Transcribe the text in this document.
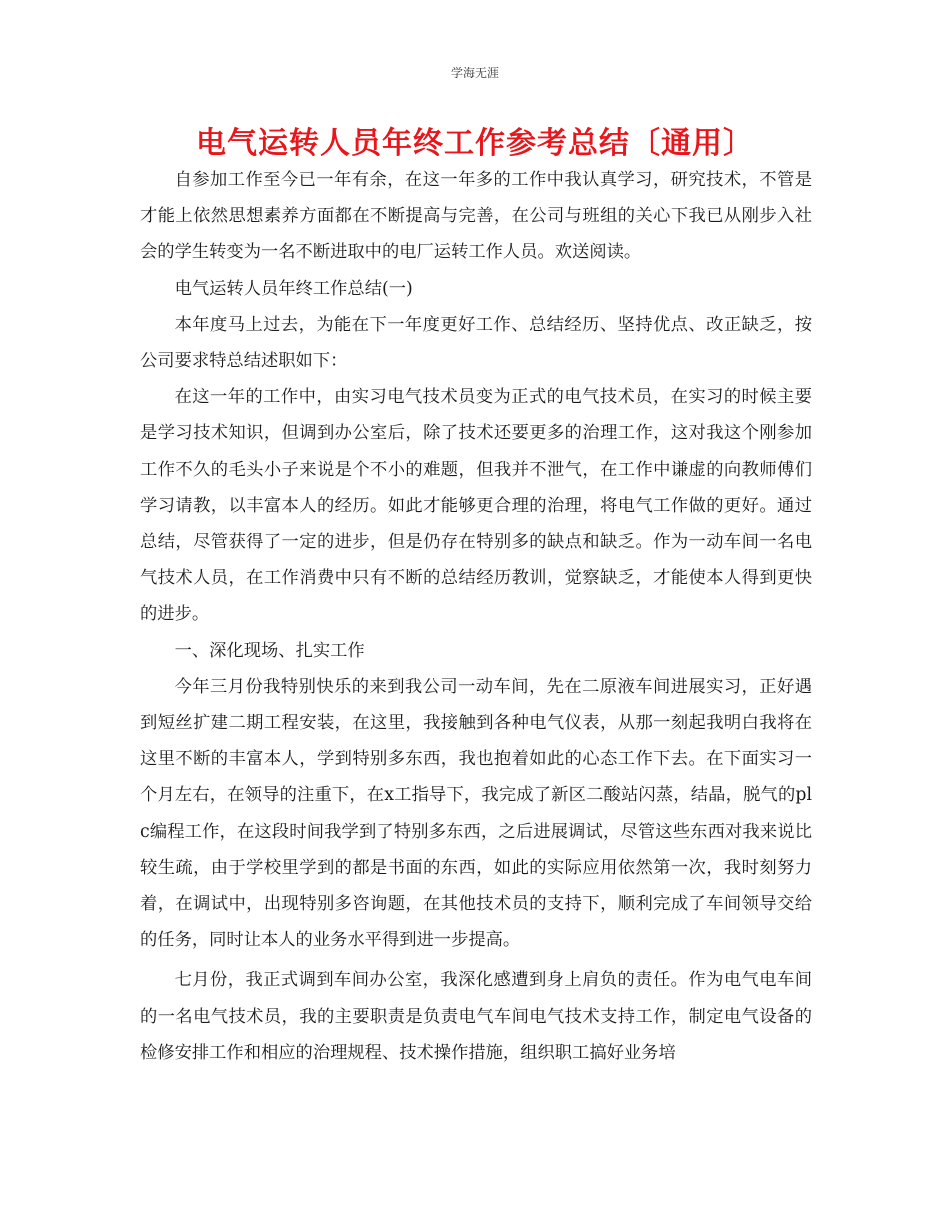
学海无涯
电气运转人员年终工作参考总结〔通用〕

自参加工作至今已一年有余，在这一年多的工作中我认真学习，研究技术，不管是才能上依然思想素养方面都在不断提高与完善，在公司与班组的关心下我已从刚步入社会的学生转变为一名不断进取中的电厂运转工作人员。欢送阅读。

电气运转人员年终工作总结(一)

本年度马上过去，为能在下一年度更好工作、总结经历、坚持优点、改正缺乏，按公司要求特总结述职如下：

在这一年的工作中，由实习电气技术员变为正式的电气技术员，在实习的时候主要是学习技术知识，但调到办公室后，除了技术还要更多的治理工作，这对我这个刚参加工作不久的毛头小子来说是个不小的难题，但我并不泄气，在工作中谦虚的向教师傅们学习请教，以丰富本人的经历。如此才能够更合理的治理，将电气工作做的更好。通过总结，尽管获得了一定的进步，但是仍存在特别多的缺点和缺乏。作为一动车间一名电气技术人员，在工作消费中只有不断的总结经历教训，觉察缺乏，才能使本人得到更快的进步。

一、深化现场、扎实工作

今年三月份我特别快乐的来到我公司一动车间，先在二原液车间进展实习，正好遇到短丝扩建二期工程安装，在这里，我接触到各种电气仪表，从那一刻起我明白我将在这里不断的丰富本人，学到特别多东西，我也抱着如此的心态工作下去。在下面实习一个月左右，在领导的注重下，在x工指导下，我完成了新区二酸站闪蒸，结晶，脱气的plc编程工作，在这段时间我学到了特别多东西，之后进展调试，尽管这些东西对我来说比较生疏，由于学校里学到的都是书面的东西，如此的实际应用依然第一次，我时刻努力着，在调试中，出现特别多咨询题，在其他技术员的支持下，顺利完成了车间领导交给的任务，同时让本人的业务水平得到进一步提高。

七月份，我正式调到车间办公室，我深化感遭到身上肩负的责任。作为电气电车间的一名电气技术员，我的主要职责是负责电气车间电气技术支持工作，制定电气设备的检修安排工作和相应的治理规程、技术操作措施，组织职工搞好业务培
